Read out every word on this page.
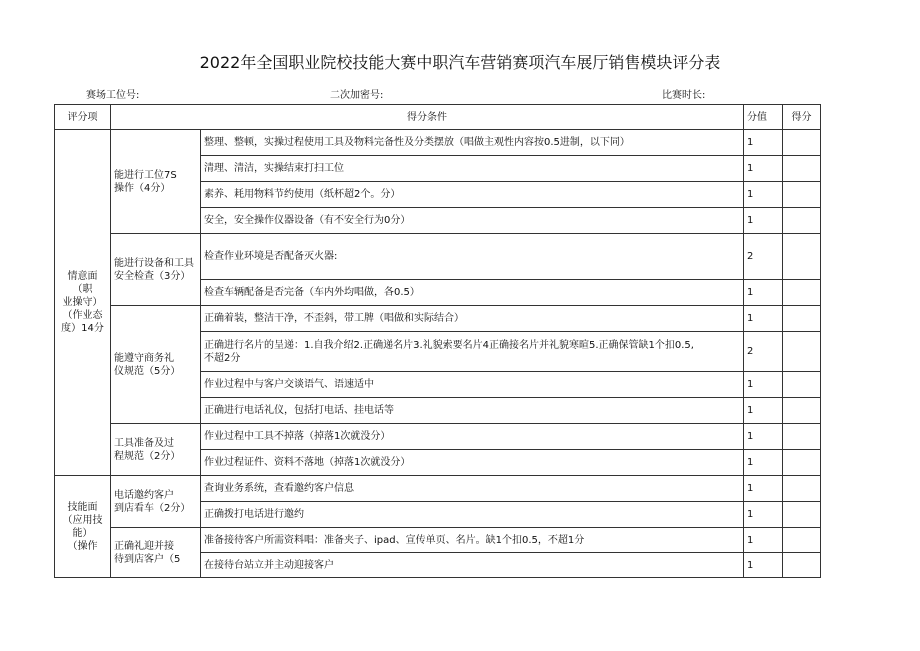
2022年全国职业院校技能大赛中职汽车营销赛项汽车展厅销售模块评分表
赛场工位号:	二次加密号:	比赛时长:
评分项	得分条件		分值	得分

情意面（职
业操守）
（作业态
度）14分	能进行工位7S
操作（4分）	整理、整顿，实操过程使用工具及物料完备性及分类摆放（唱做主观性内容按0.5进制，以下同）	1	
		清理、清洁，实操结束打扫工位	1	
		素养、耗用物料节约使用（纸杯超2个。分）	1	
		安全，安全操作仪器设备（有不安全行为0分）	1	

	能进行设备和工具
安全检查（3分）	检查作业环境是否配备灭火器:	2	
		检查车辆配备是否完备（车内外均唱做，各0.5）	1	

	能遵守商务礼
仪规范（5分）	正确着装，整洁干净，不歪斜，带工牌（唱做和实际结合）	1	

		正确进行名片的呈递：1.自我介绍2.正确递名片3.礼貌索要名片4正确接名片并礼貌寒暄5.正确保管缺1个扣0.5,
不超2分	2	
		作业过程中与客户交谈语气、语速适中	1	
		正确进行电话礼仪，包括打电话、挂电话等	1	

	工具准备及过
程规范（2分）	作业过程中工具不掉落（掉落1次就没分）	1	
		作业过程证件、资料不落地（掉落1次就没分）	1	

技能面
（应用技
能）
（操作	电话邀约客户
到店看车（2分）	查询业务系统，查看邀约客户信息	1	
		正确拨打电话进行邀约	1	

	正确礼迎并接
待到店客户（5	准备接待客户所需资料唱：准备夹子、ipad、宣传单页、名片。缺1个扣0.5，不超1分	1	
		在接待台站立并主动迎接客户	1	
